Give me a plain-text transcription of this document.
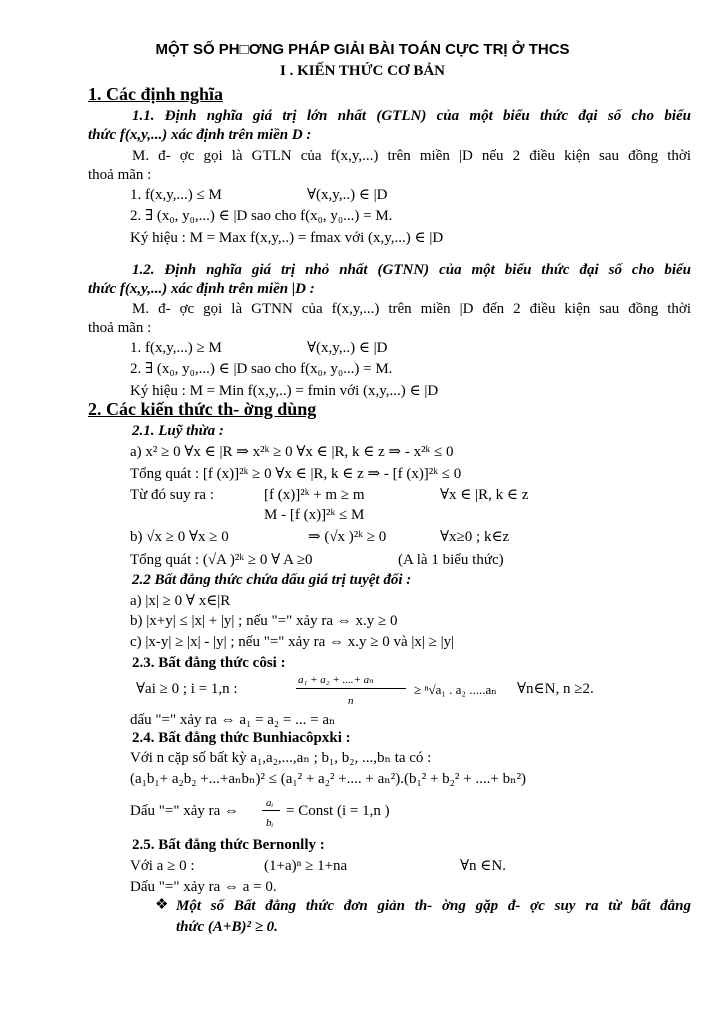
MỘT SỐ PH□ƠNG PHÁP GIẢI BÀI TOÁN CỰC TRỊ Ở THCS
I . KIẾN THỨC CƠ BẢN
1. Các định nghĩa
1.1. Định nghĩa giá trị lớn nhất (GTLN) của một biểu thức đại số cho biểu
thức f(x,y,...) xác định trên miền D :
M. đ- ợc gọi là GTLN của f(x,y,...) trên miền |D nếu 2 điều kiện sau đồng thời
thoả mãn :
1. f(x,y,...) ≤ M	∀(x,y,..) ∈ |D
2. ∃ (x₀, y₀,...) ∈ |D sao cho f(x₀, y₀...) = M.
Ký hiệu : M = Max f(x,y,..) = fmax với (x,y,...) ∈ |D
1.2. Định nghĩa giá trị nhỏ nhất (GTNN) của một biểu thức đại số cho biểu
thức f(x,y,...) xác định trên miền |D :
M. đ- ợc gọi là GTNN của f(x,y,...) trên miền |D đến 2 điều kiện sau đồng thời
thoả mãn :
1. f(x,y,...) ≥ M	∀(x,y,..) ∈ |D
2. ∃ (x₀, y₀,...) ∈ |D sao cho f(x₀, y₀...) = M.
Ký hiệu : M = Min f(x,y,..) = fmin với (x,y,...) ∈ |D
2. Các kiến thức th- ờng dùng
2.1. Luỹ thừa :
a) x² ≥ 0 ∀x ∈ |R ⇒ x²ᵏ ≥ 0 ∀x ∈ |R, k ∈ z ⇒ - x²ᵏ ≤ 0
Tổng quát : [f (x)]²ᵏ ≥ 0 ∀x ∈ |R, k ∈ z ⇒ - [f (x)]²ᵏ ≤ 0
Từ đó suy ra :	[f (x)]²ᵏ + m ≥ m	∀x ∈ |R, k ∈ z
M - [f (x)]²ᵏ ≤ M
b) √x ≥ 0 ∀x ≥ 0	⇒ (√x )²ᵏ ≥ 0	∀x≥0 ; k∈z
Tổng quát : (√A )²ᵏ ≥ 0 ∀ A ≥0	(A là 1 biểu thức)
2.2 Bất đẳng thức chứa dấu giá trị tuyệt đối :
a) |x| ≥ 0 ∀ x∈|R
b) |x+y| ≤ |x| + |y| ; nếu "=" xảy ra ⇔ x.y ≥ 0
c) |x-y| ≥ |x| - |y| ; nếu "=" xảy ra ⇔ x.y ≥ 0 và |x| ≥ |y|
2.3. Bất đẳng thức côsi :
∀ai ≥ 0 ; i = 1,n :
a₁ + a₂ + ....+ aₙ
n
≥ ⁿ√a₁ . a₂ .....aₙ ∀n∈N, n ≥2.
dấu "=" xảy ra ⇔ a₁ = a₂ = ... = aₙ
2.4. Bất đẳng thức Bunhiacôpxki :
Với n cặp số bất kỳ a₁,a₂,...,aₙ ; b₁, b₂, ...,bₙ ta có :
(a₁b₁+ a₂b₂ +...+aₙbₙ)² ≤ (a₁² + a₂² +.... + aₙ²).(b₁² + b₂² + ....+ bₙ²)
Dấu "=" xảy ra ⇔ aᵢ
bᵢ
= Const (i = 1,n )
2.5. Bất đẳng thức Bernonlly :
Với a ≥ 0 :	(1+a)ⁿ ≥ 1+na	∀n ∈N.
Dấu "=" xảy ra ⇔ a = 0.
❖ Một số Bất đẳng thức đơn giản th- ờng gặp đ- ợc suy ra từ bất đẳng
thức (A+B)² ≥ 0.
